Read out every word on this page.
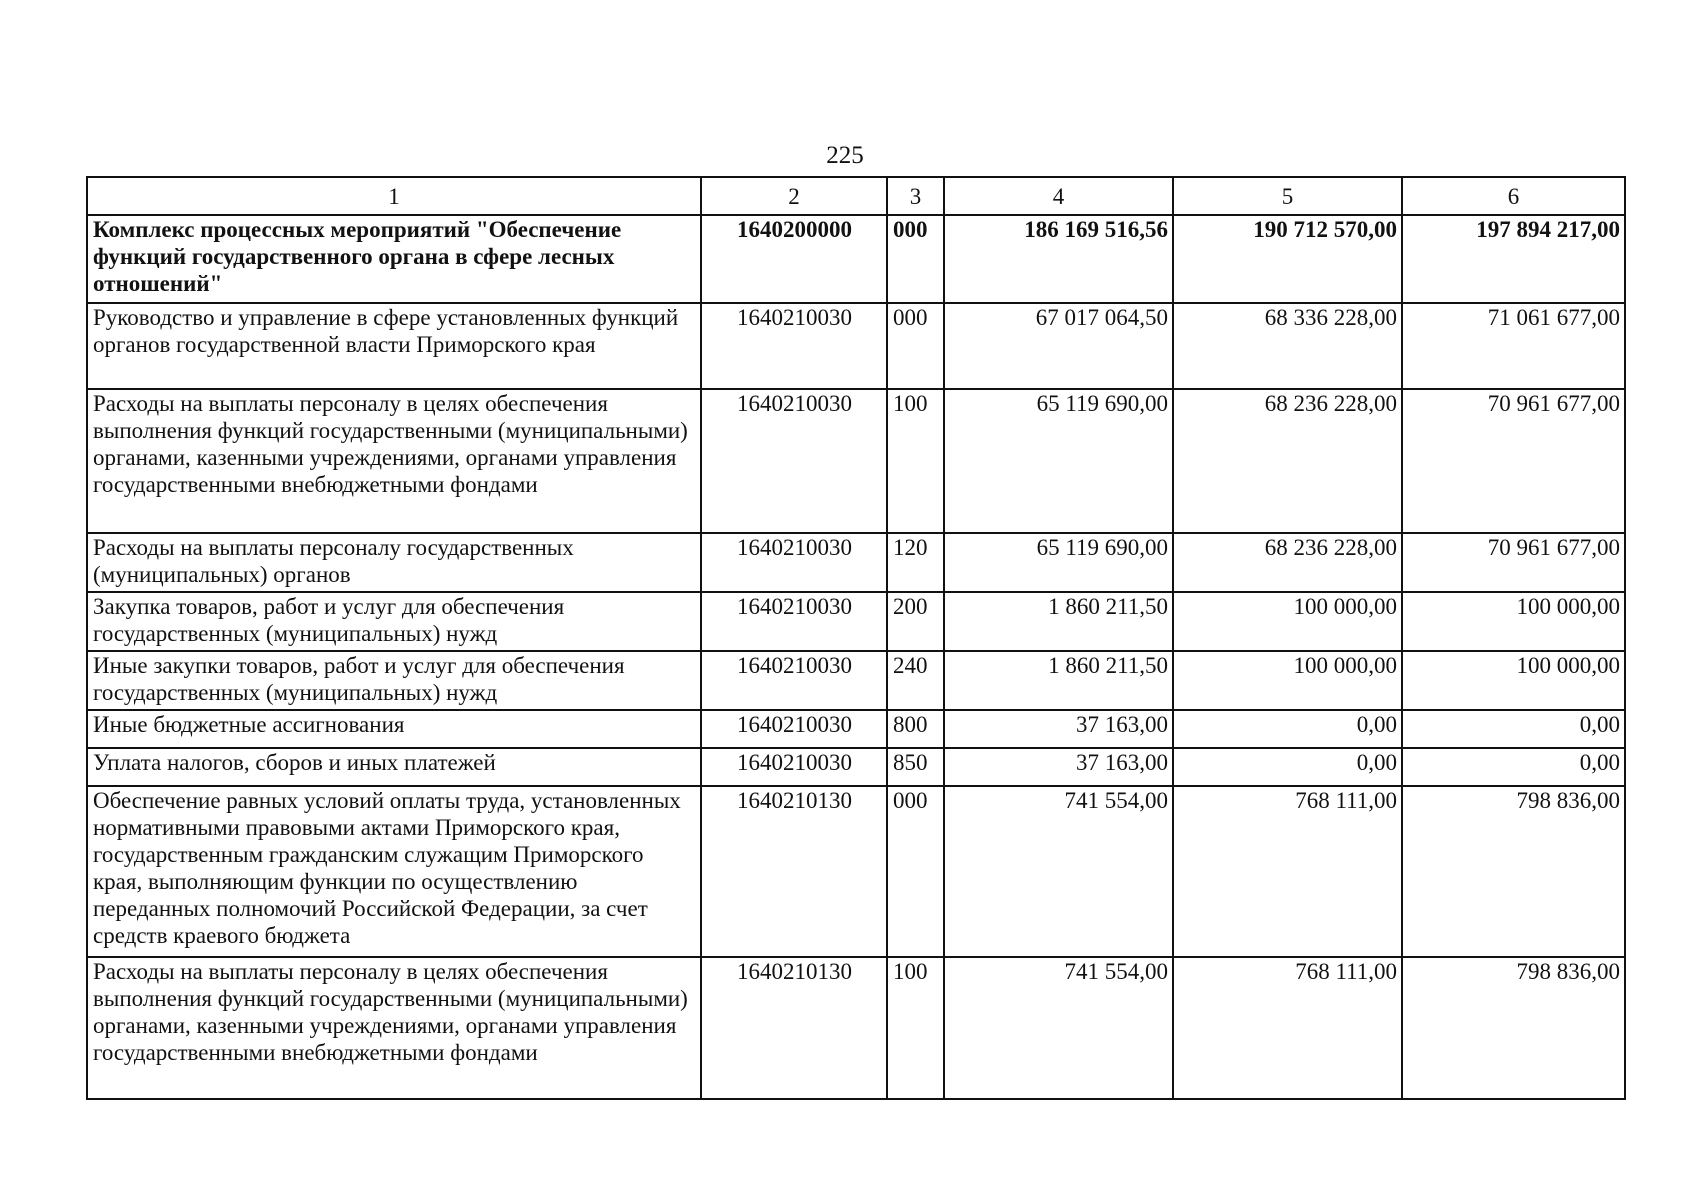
225
1	2	3	4	5	6
Комплекс процессных мероприятий "Обеспечение функций государственного органа в сфере лесных отношений"	1640200000	000	186 169 516,56	190 712 570,00	197 894 217,00
Руководство и управление в сфере установленных функций органов государственной власти Приморского края	1640210030	000	67 017 064,50	68 336 228,00	71 061 677,00
Расходы на выплаты персоналу в целях обеспечения выполнения функций государственными (муниципальными) органами, казенными учреждениями, органами управления государственными внебюджетными фондами	1640210030	100	65 119 690,00	68 236 228,00	70 961 677,00
Расходы на выплаты персоналу государственных (муниципальных) органов	1640210030	120	65 119 690,00	68 236 228,00	70 961 677,00
Закупка товаров, работ и услуг для обеспечения государственных (муниципальных) нужд	1640210030	200	1 860 211,50	100 000,00	100 000,00
Иные закупки товаров, работ и услуг для обеспечения государственных (муниципальных) нужд	1640210030	240	1 860 211,50	100 000,00	100 000,00
Иные бюджетные ассигнования	1640210030	800	37 163,00	0,00	0,00
Уплата налогов, сборов и иных платежей	1640210030	850	37 163,00	0,00	0,00
Обеспечение равных условий оплаты труда, установленных нормативными правовыми актами Приморского края, государственным гражданским служащим Приморского края, выполняющим функции по осуществлению переданных полномочий Российской Федерации, за счет средств краевого бюджета	1640210130	000	741 554,00	768 111,00	798 836,00
Расходы на выплаты персоналу в целях обеспечения выполнения функций государственными (муниципальными) органами, казенными учреждениями, органами управления государственными внебюджетными фондами	1640210130	100	741 554,00	768 111,00	798 836,00
